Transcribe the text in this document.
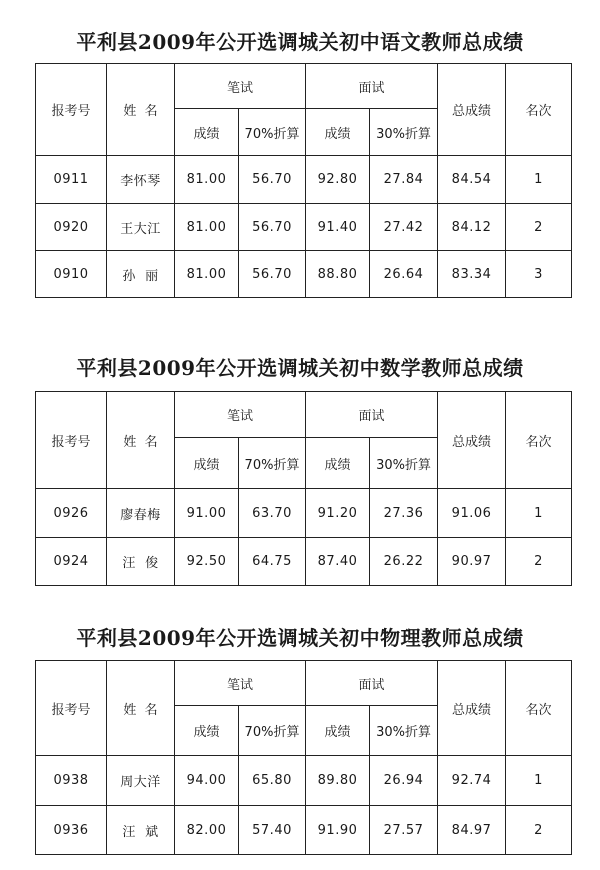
平利县2009年公开选调城关初中语文教师总成绩
报考号	姓  名	笔试		面试		总成绩	名次
		成绩	70%折算	成绩	30%折算		
0911	李怀琴	81.00	56.70	92.80	27.84	84.54	1
0920	王大江	81.00	56.70	91.40	27.42	84.12	2
0910	孙  丽	81.00	56.70	88.80	26.64	83.34	3
平利县2009年公开选调城关初中数学教师总成绩
报考号	姓  名	笔试		面试		总成绩	名次
		成绩	70%折算	成绩	30%折算		
0926	廖春梅	91.00	63.70	91.20	27.36	91.06	1
0924	汪  俊	92.50	64.75	87.40	26.22	90.97	2
平利县2009年公开选调城关初中物理教师总成绩
报考号	姓  名	笔试		面试		总成绩	名次
		成绩	70%折算	成绩	30%折算		
0938	周大洋	94.00	65.80	89.80	26.94	92.74	1
0936	汪  斌	82.00	57.40	91.90	27.57	84.97	2
